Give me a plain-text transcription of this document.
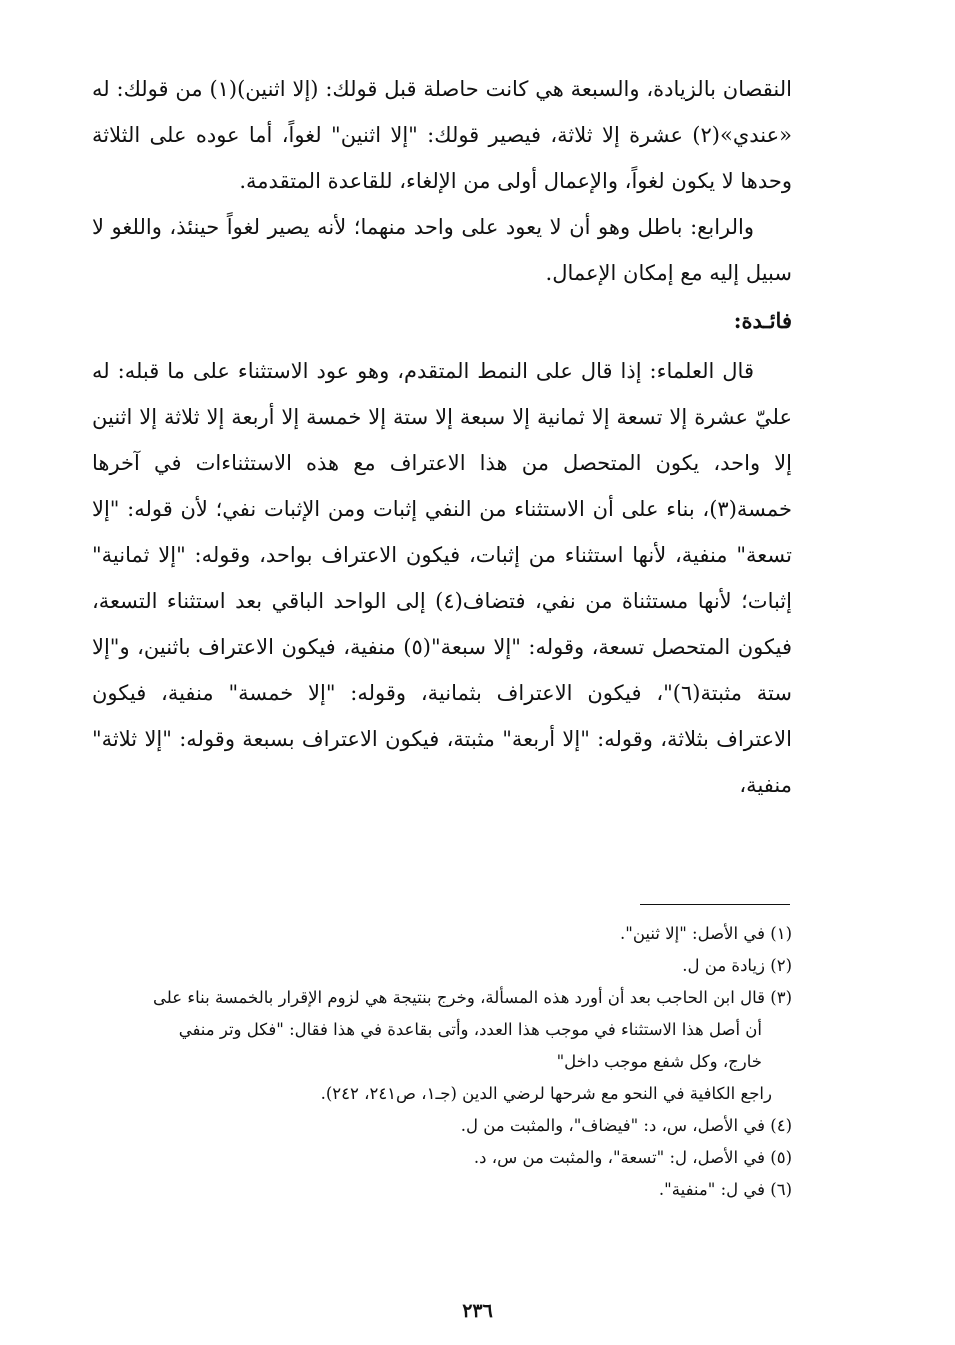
النقصان بالزيادة، والسبعة هي كانت حاصلة قبل قولك: (إلا اثنين)(١) من قولك: له «عندي»(٢) عشرة إلا ثلاثة، فيصير قولك: "إلا اثنين" لغواً، أما عوده على الثلاثة وحدها لا يكون لغواً، والإعمال أولى من الإلغاء، للقاعدة المتقدمة.

والرابع: باطل وهو أن لا يعود على واحد منهما؛ لأنه يصير لغواً حينئذ، واللغو لا سبيل إليه مع إمكان الإعمال.

فائـدة:

قال العلماء: إذا قال على النمط المتقدم، وهو عود الاستثناء على ما قبله: له عليّ عشرة إلا تسعة إلا ثمانية إلا سبعة إلا ستة إلا خمسة إلا أربعة إلا ثلاثة إلا اثنين إلا واحد، يكون المتحصل من هذا الاعتراف مع هذه الاستثناءات في آخرها خمسة(٣)، بناء على أن الاستثناء من النفي إثبات ومن الإثبات نفي؛ لأن قوله: "إلا تسعة" منفية، لأنها استثناء من إثبات، فيكون الاعتراف بواحد، وقوله: "إلا ثمانية" إثبات؛ لأنها مستثناة من نفي، فتضاف(٤) إلى الواحد الباقي بعد استثناء التسعة، فيكون المتحصل تسعة، وقوله: "إلا سبعة"(٥) منفية، فيكون الاعتراف باثنين، و"إلا ستة مثبتة(٦)"، فيكون الاعتراف بثمانية، وقوله: "إلا خمسة" منفية، فيكون الاعتراف بثلاثة، وقوله: "إلا أربعة" مثبتة، فيكون الاعتراف بسبعة وقوله: "إلا ثلاثة" منفية،

(١) في الأصل: "إلا ثنين".

(٢) زيادة من ل.

(٣) قال ابن الحاجب بعد أن أورد هذه المسألة، وخرج بنتيجة هي لزوم الإقرار بالخمسة بناء على

أن أصل هذا الاستثناء في موجب هذا العدد، وأتى بقاعدة في هذا فقال: "فكل وتر منفي

خارج، وكل شفع موجب داخل"

راجع الكافية في النحو مع شرحها لرضي الدين (جـ١، ص٢٤١، ٢٤٢).

(٤) في الأصل، س، د: "فيضاف"، والمثبت من ل.

(٥) في الأصل، ل: "تسعة"، والمثبت من س، د.

(٦) في ل: "منفية".

٢٣٦
